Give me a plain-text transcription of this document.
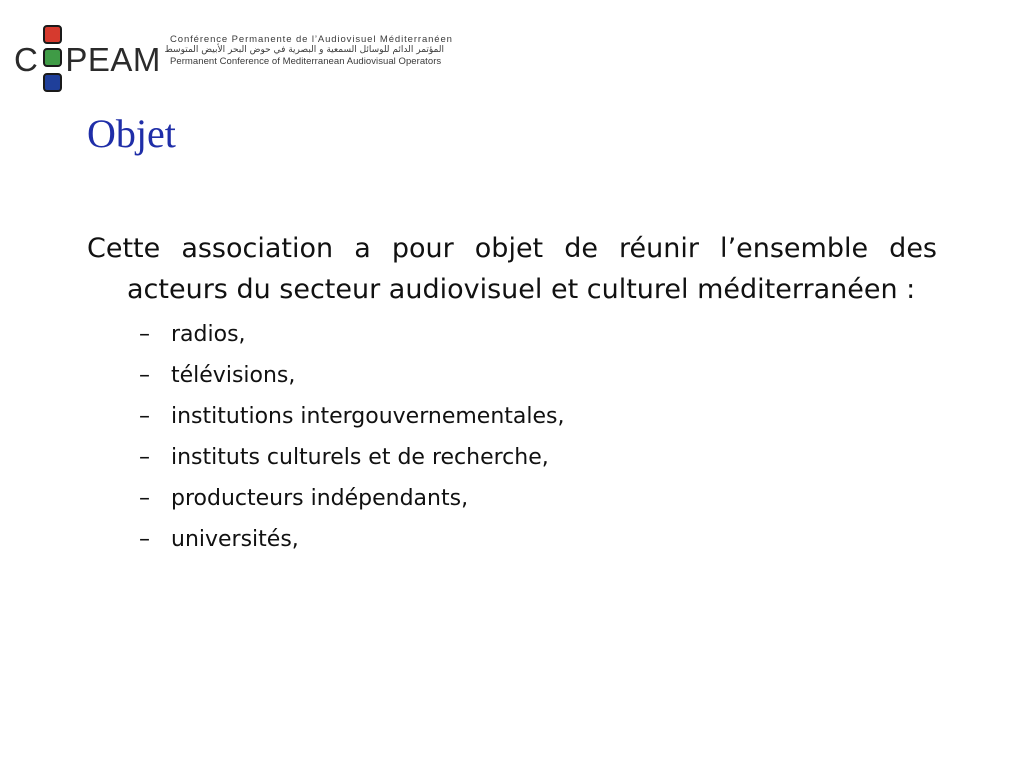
C PEAM
Conférence Permanente de l’Audiovisuel Méditerranéen
المؤتمر الدائم للوسائل السمعية و البصرية في حوض البحر الأبيض المتوسط
Permanent Conference of Mediterranean Audiovisual Operators
Objet

Cette association a pour objet de réunir l’ensemble des acteurs du secteur audiovisuel et culturel méditerranéen :

– radios,
– télévisions,
– institutions intergouvernementales,
– instituts culturels et de recherche,
– producteurs indépendants,
– universités,
